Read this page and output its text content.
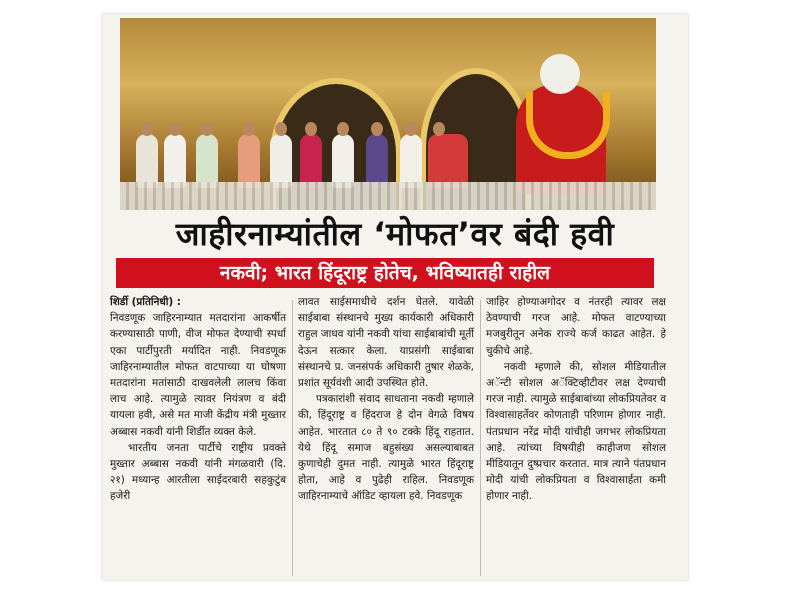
जाहीरनाम्यांतील ‘मोफत’वर बंदी हवी
नकवी; भारत हिंदूराष्ट्र होतेच, भविष्यातही राहील

शिर्डी (प्रतिनिधी) :

निवडणूक जाहिरनाम्यात मतदारांना आकर्षीत करण्यासाठी पाणी, वीज मोफत देण्याची स्पर्धा एका पार्टीपुरती मर्यादित नाही. निवडणूक जाहिरनाम्यातील मोफत वाटपाच्या या घोषणा मतदारांना मतांसाठी दाखवलेली लालच किंवा लाच आहे. त्यामुळे त्यावर नियंत्रण व बंदी यायला हवी, असे मत माजी केंद्रीय मंत्री मुख्तार अब्बास नकवी यांनी शिर्डीत व्यक्त केले.

भारतीय जनता पार्टीचे राष्ट्रीय प्रवक्ते मुख्तार अब्बास नकवी यांनी मंगळवारी (दि. २१) मध्यान्ह आरतीला साईदरबारी सहकुटुंब हजेरी

लावत साईसमाधीचे दर्शन घेतले. यावेळी साईबाबा संस्थानचे मुख्य कार्यकारी अधिकारी राहुल जाधव यांनी नकवी यांचा साईबाबांची मूर्ती देऊन सत्कार केला. याप्रसंगी साईबाबा संस्थानचे प्र. जनसंपर्क अधिकारी तुषार शेळके, प्रशांत सूर्यवंशी आदी उपस्थित होते.

पत्रकारांशी संवाद साधताना नकवी म्हणाले की, हिंदूराष्ट्र व हिंदराज हे दोन वेगळे विषय आहेत. भारतात ८० ते ९० टक्के हिंदू राहतात. येथे हिंदू समाज बहुसंख्य असल्याबाबत कुणाचेही दुमत नाही. त्यामुळे भारत हिंदूराष्ट्र होता, आहे व पुढेही राहिल. निवडणूक जाहिरनाम्याचे ऑडिट व्हायला हवे. निवडणूक

जाहिर होण्याअगोदर व नंतरही त्यावर लक्ष ठेवण्याची गरज आहे. मोफत वाटण्याच्या मजबुरीतून अनेक राज्ये कर्ज काढत आहेत. हे चुकीचे आहे.

नकवी म्हणाले की, सोशल मीडियातील अॅन्टी सोशल अॅक्टिव्हीटीवर लक्ष देण्याची गरज नाही. त्यामुळे साईबाबांच्या लोकप्रियतेवर व विश्वासाहर्तेवर कोणताही परिणाम होणार नाही. पंतप्रधान नरेंद्र मोदी यांचीही जगभर लोकप्रियता आहे. त्यांच्या विषयीही काहीजण सोशल मीडियातून दुष्प्रचार करतात. मात्र त्याने पंतप्रधान मोदी यांची लोकप्रियता व विश्वासार्हता कमी होणार नाही.
